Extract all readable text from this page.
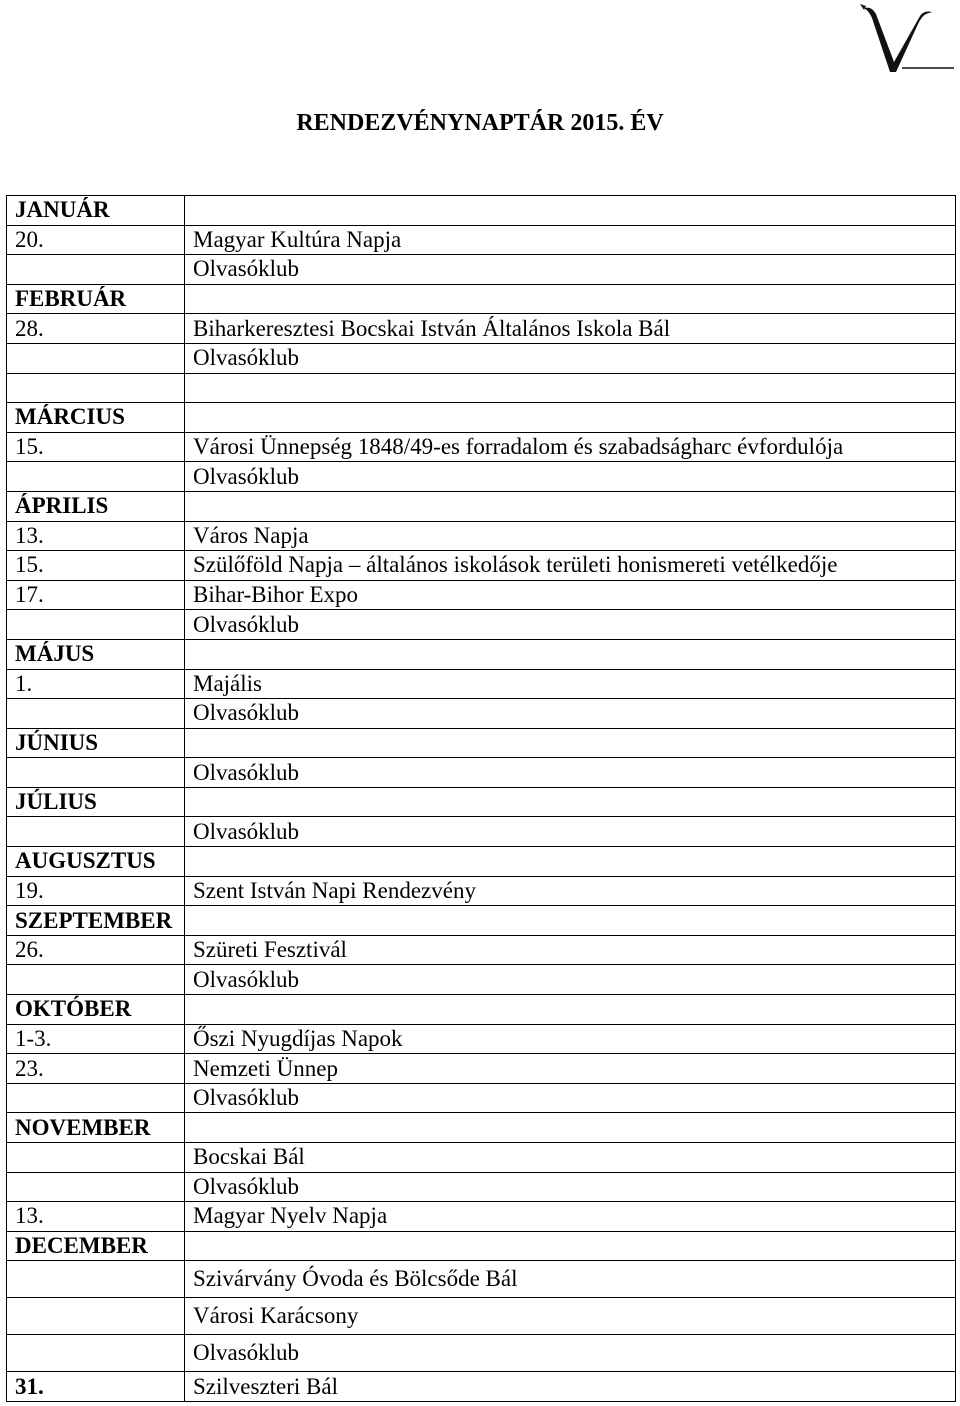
RENDEZVÉNYNAPTÁR 2015. ÉV
JANUÁR	
20.	Magyar Kultúra Napja
	Olvasóklub
FEBRUÁR	
28.	Biharkeresztesi Bocskai István Általános Iskola Bál
	Olvasóklub

MÁRCIUS	
15.	Városi Ünnepség 1848/49-es forradalom és szabadságharc évfordulója
	Olvasóklub
ÁPRILIS	
13.	Város Napja
15.	Szülőföld Napja – általános iskolások területi honismereti vetélkedője
17.	Bihar-Bihor Expo
	Olvasóklub
MÁJUS	
1.	Majális
	Olvasóklub
JÚNIUS	
	Olvasóklub
JÚLIUS	
	Olvasóklub
AUGUSZTUS	
19.	Szent István Napi Rendezvény
SZEPTEMBER	
26.	Szüreti Fesztivál
	Olvasóklub
OKTÓBER	
1-3.	Őszi Nyugdíjas Napok
23.	Nemzeti Ünnep
	Olvasóklub
NOVEMBER	
	Bocskai Bál
	Olvasóklub
13.	Magyar Nyelv Napja
DECEMBER	
	Szivárvány Óvoda és Bölcsőde Bál
	Városi Karácsony
	Olvasóklub
31.	Szilveszteri Bál
